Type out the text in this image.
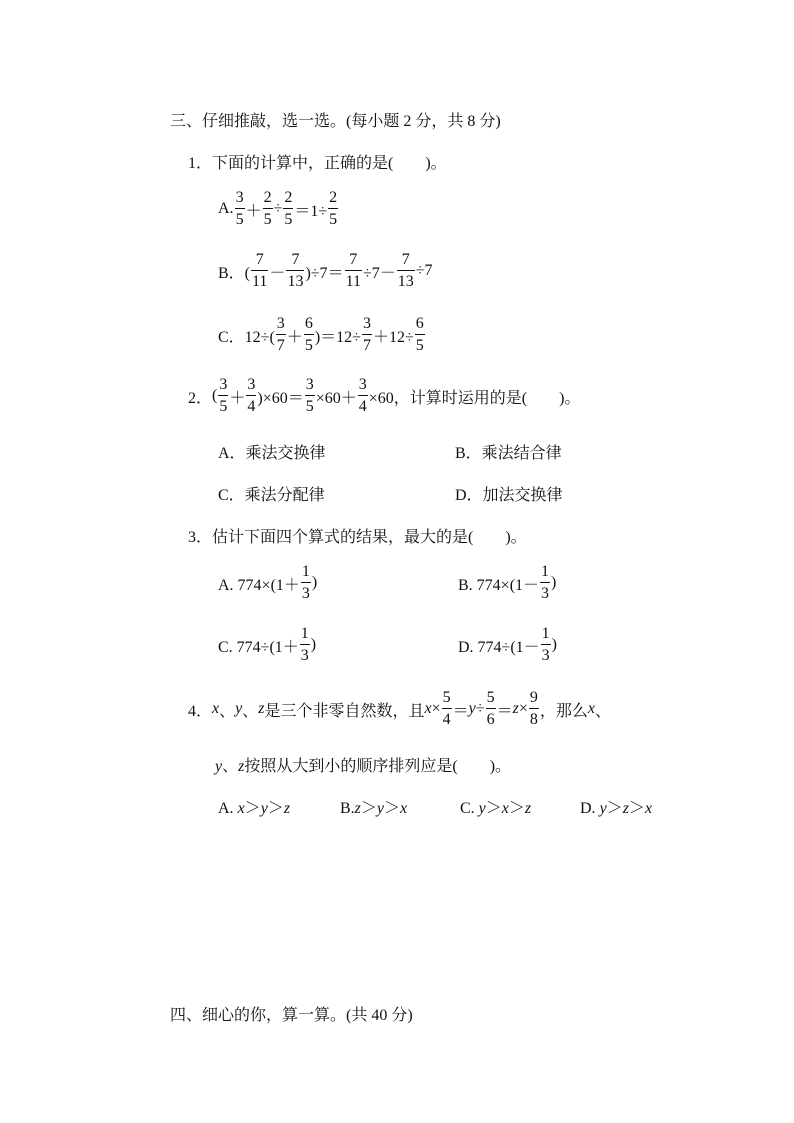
三、仔细推敲，选一选。(每小题 2 分，共 8 分)
1．下面的计算中，正确的是(　　)。
A. $\frac{3}{5} + \frac{2}{5} \div \frac{2}{5} =1\div \frac{2}{5}$
B．( $\frac{7}{11} - \frac{7}{13} )\div 7= \frac{7}{11} \div 7- \frac{7}{13} \div 7$
C．$12\div( \frac{3}{7} + \frac{6}{5} )=12\div \frac{3}{7} +12\div \frac{6}{5}$
2． ( $\frac{3}{5} + \frac{3}{4} )\times 60= \frac{3}{5} \times 60+ \frac{3}{4} \times 60$，计算时运用的是(　　)。
A．乘法交换律	B．乘法结合律
C．乘法分配律	D．加法交换律
3．估计下面四个算式的结果，最大的是(　　)。
A. $774\times(1+ \frac{1}{3}$ )	B. $774\times(1- \frac{1}{3}$ )
C. $774\div(1+ \frac{1}{3}$ )	D. $774\div(1- \frac{1}{3}$ )
4． x 、 y 、 z 是三个非零自然数，且 $x \times \frac{5}{4} = y \div \frac{5}{6} = z \times \frac{9}{8}$ ，那么 x 、
y、z按照从大到小的顺序排列应是(　　)。
A. x＞y＞z	B.z＞y＞x	C. y＞x＞z	D. y＞z＞x
四、细心的你，算一算。(共 40 分)
